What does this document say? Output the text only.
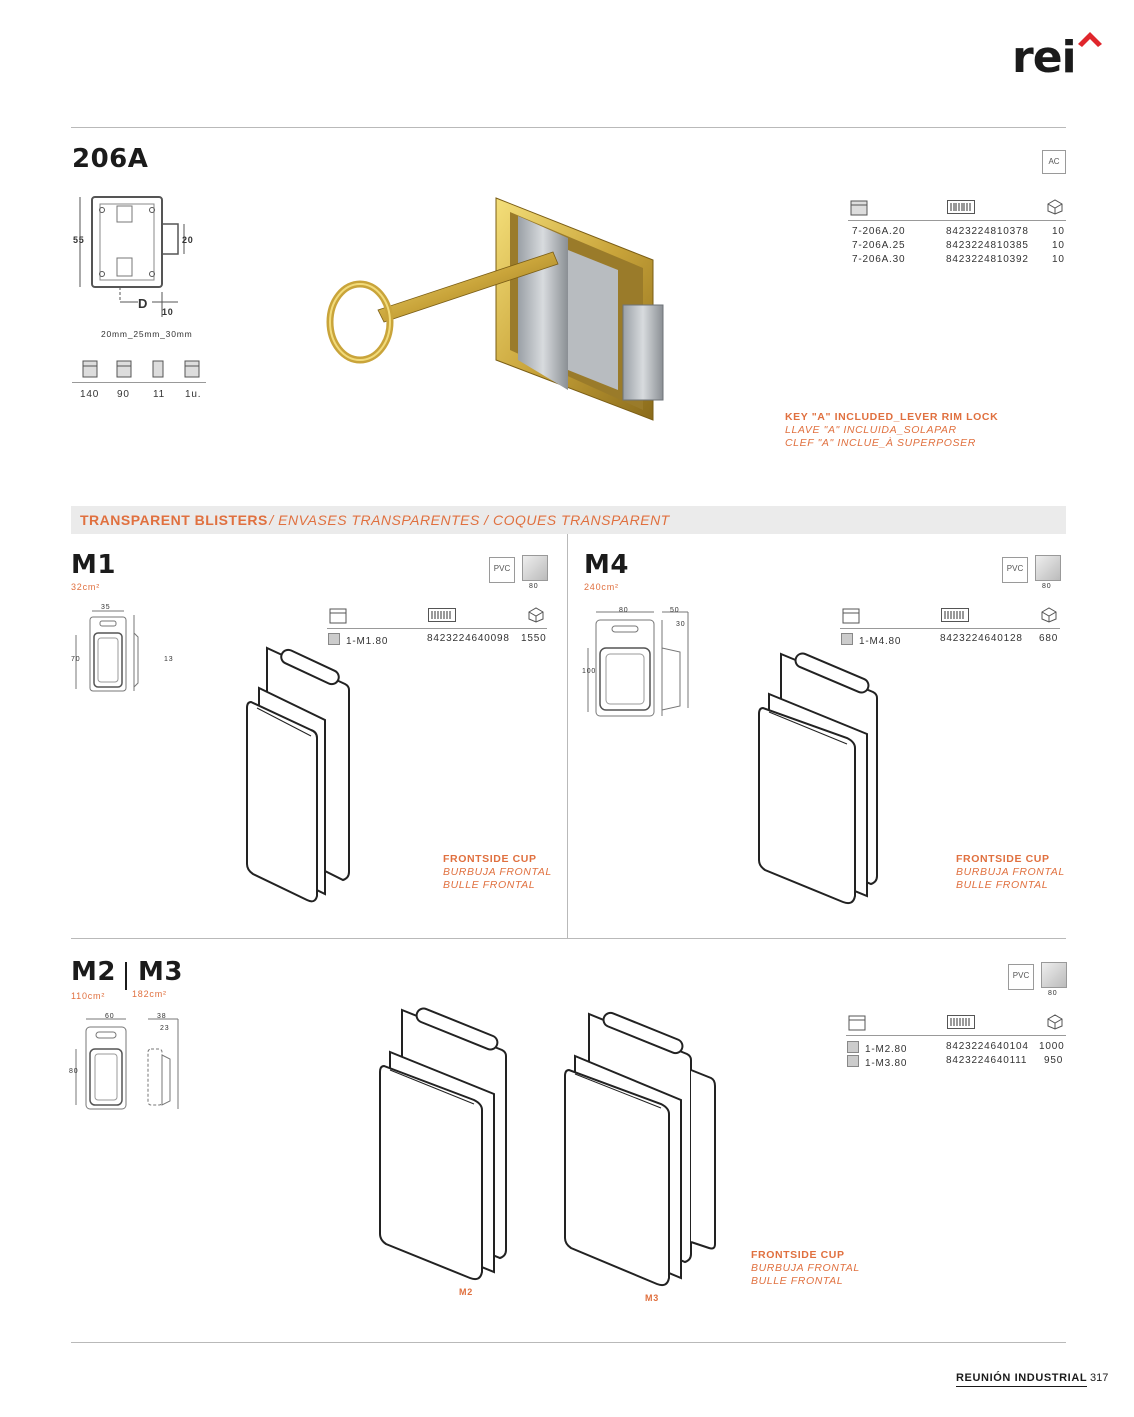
rei
206A	AC
55	20
D
10
20mm_25mm_30mm
140 90 11 1u.
7-206A.20	8423224810378 10
7-206A.25	8423224810385 10
7-206A.30	8423224810392 10
KEY "A" INCLUDED_LEVER RIM LOCK
LLAVE "A" INCLUIDA_SOLAPAR
CLEF "A" INCLUE_À SUPERPOSER
TRANSPARENT BLISTERS
/ ENVASES TRANSPARENTES / COQUES TRANSPARENT
M1
32cm²
PVC
80
35
70	13
1-M1.80	8423224640098 1550
FRONTSIDE CUP
BURBUJA FRONTAL
BULLE FRONTAL
M4
240cm²
PVC
80
80
100
50
30
1-M4.80	8423224640128 680
FRONTSIDE CUP
BURBUJA FRONTAL
BULLE FRONTAL
M2 M3
110cm²	182cm²
PVC
80
60
80
38
23
1-M2.80	8423224640104 1000
1-M3.80	8423224640111 950
M2
M3
FRONTSIDE CUP
BURBUJA FRONTAL
BULLE FRONTAL
REUNIÓN INDUSTRIAL 317
